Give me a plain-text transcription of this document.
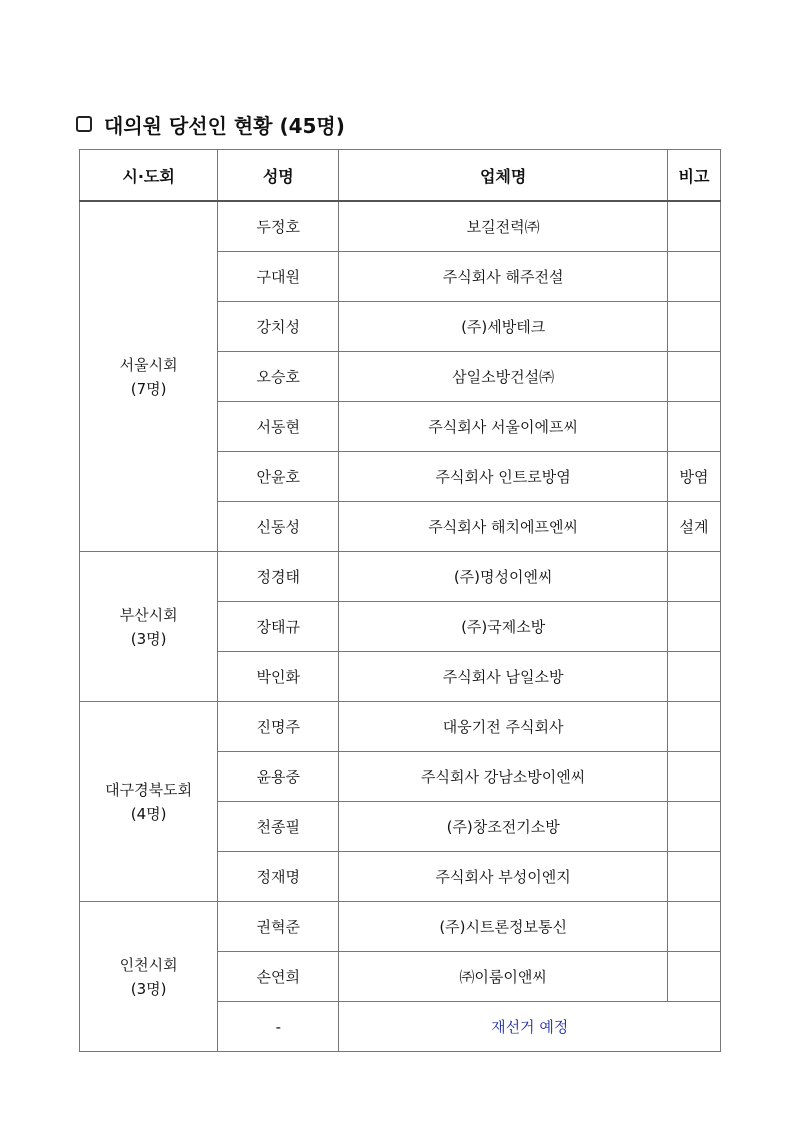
대의원 당선인 현황 (45명)
시·도회	성명	업체명	비고

서울시회
(7명)	두정호	보길전력㈜	
	구대원	주식회사 해주전설	
	강치성	(주)세방테크	
	오승호	삼일소방건설㈜	
	서동현	주식회사 서울이에프씨	
	안윤호	주식회사 인트로방염	방염
	신동성	주식회사 해치에프엔씨	설계

부산시회
(3명)	정경태	(주)명성이엔씨	
	장태규	(주)국제소방	
	박인화	주식회사 남일소방	

대구경북도회
(4명)	진명주	대웅기전 주식회사	
	윤용중	주식회사 강남소방이엔씨	
	천종필	(주)창조전기소방	
	정재명	주식회사 부성이엔지	

인천시회
(3명)	권혁준	(주)시트론정보통신	
	손연희	㈜이룸이앤씨	
	-	재선거 예정	
